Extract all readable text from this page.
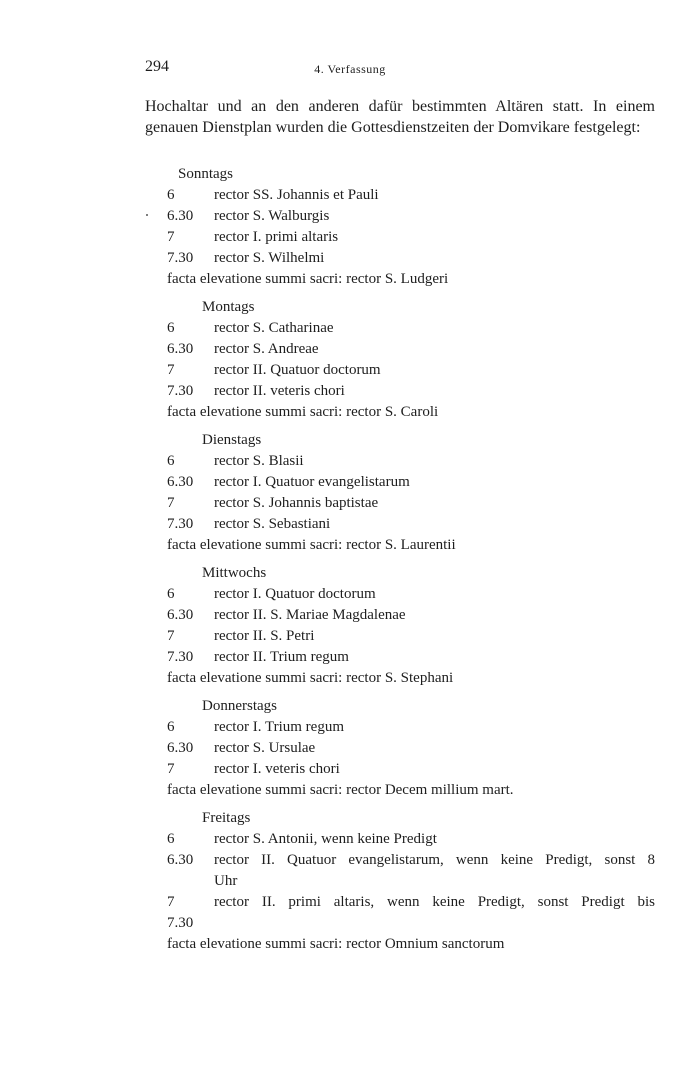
294	4. Verfassung

Hochaltar und an den anderen dafür bestimmten Altären statt. In einem genauen Dienstplan wurden die Gottesdienstzeiten der Domvikare festgelegt:

Sonntags
6	rector SS. Johannis et Pauli
6.30	rector S. Walburgis
7	rector I. primi altaris
7.30	rector S. Wilhelmi
facta elevatione summi sacri: rector S. Ludgeri
Montags
6	rector S. Catharinae
6.30	rector S. Andreae
7	rector II. Quatuor doctorum
7.30	rector II. veteris chori
facta elevatione summi sacri: rector S. Caroli
Dienstags
6	rector S. Blasii
6.30	rector I. Quatuor evangelistarum
7	rector S. Johannis baptistae
7.30	rector S. Sebastiani
facta elevatione summi sacri: rector S. Laurentii
Mittwochs
6	rector I. Quatuor doctorum
6.30	rector II. S. Mariae Magdalenae
7	rector II. S. Petri
7.30	rector II. Trium regum
facta elevatione summi sacri: rector S. Stephani
Donnerstags
6	rector I. Trium regum
6.30	rector S. Ursulae
7	rector I. veteris chori
facta elevatione summi sacri: rector Decem millium mart.
Freitags
6	rector S. Antonii, wenn keine Predigt
6.30	rector II. Quatuor evangelistarum, wenn keine Predigt, sonst 8
Uhr
7	rector II. primi altaris, wenn keine Predigt, sonst Predigt bis
7.30
facta elevatione summi sacri: rector Omnium sanctorum
